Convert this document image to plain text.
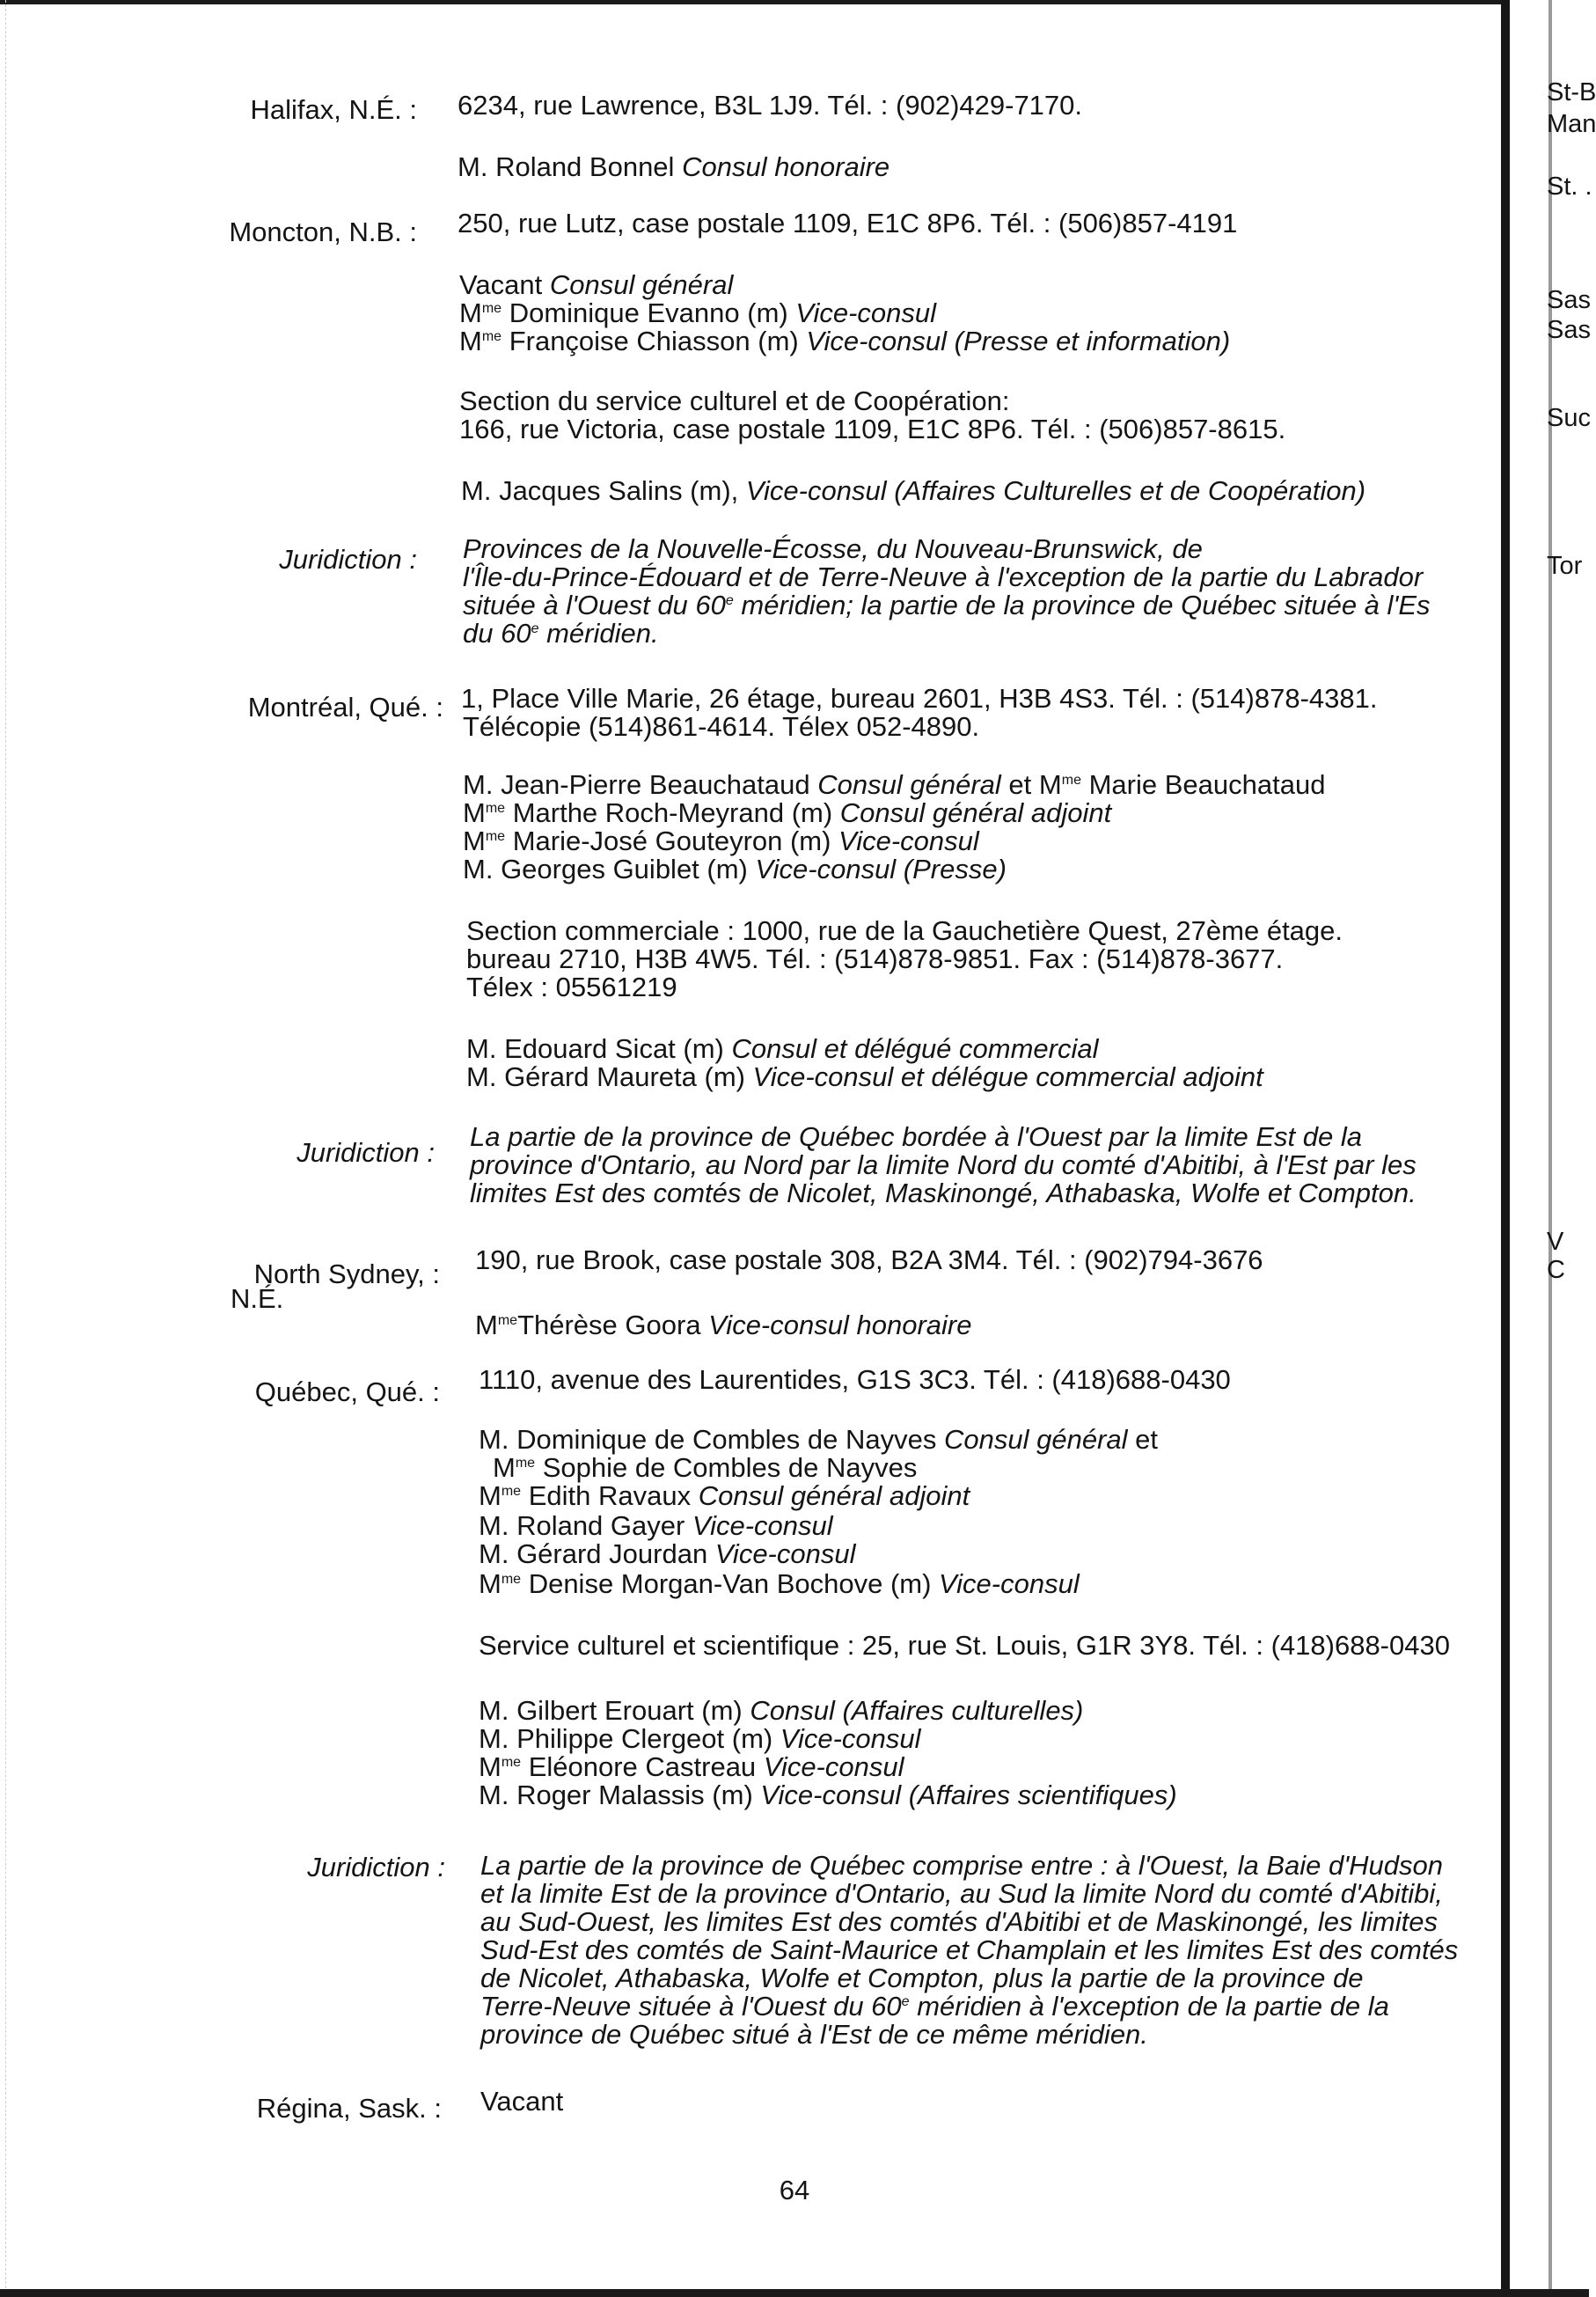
St-B
Man
St. .
Sas
Sas
Suc
Tor
V
C
Halifax, N.É. : 6234, rue Lawrence, B3L 1J9. Tél. : (902)429-7170.
M. Roland Bonnel Consul honoraire
Moncton, N.B. : 250, rue Lutz, case postale 1109, E1C 8P6. Tél. : (506)857-4191
Vacant Consul général
$M^{me}$ Dominique Evanno (m) Vice-consul
$M^{me}$ Françoise Chiasson (m) Vice-consul (Presse et information)
Section du service culturel et de Coopération:
166, rue Victoria, case postale 1109, E1C 8P6. Tél. : (506)857-8615.
M. Jacques Salins (m), Vice-consul (Affaires Culturelles et de Coopération)
Juridiction : Provinces de la Nouvelle-Écosse, du Nouveau-Brunswick, de
l'Île-du-Prince-Édouard et de Terre-Neuve à l'exception de la partie du Labrador
située à l'Ouest du 60e méridien; la partie de la province de Québec située à l'Es
du 60e méridien.
Montréal, Qué. : 1, Place Ville Marie, 26 étage, bureau 2601, H3B 4S3. Tél. : (514)878-4381.
Télécopie (514)861-4614. Télex 052-4890.
M. Jean-Pierre Beauchataud Consul général et $M^{me}$ Marie Beauchataud
$M^{me}$ Marthe Roch-Meyrand (m) Consul général adjoint
$M^{me}$ Marie-José Gouteyron (m) Vice-consul
M. Georges Guiblet (m) Vice-consul (Presse)
Section commerciale : 1000, rue de la Gauchetière Quest, 27ème étage.
bureau 2710, H3B 4W5. Tél. : (514)878-9851. Fax : (514)878-3677.
Télex : 05561219
M. Edouard Sicat (m) Consul et délégué commercial
M. Gérard Maureta (m) Vice-consul et délégue commercial adjoint
Juridiction :
La partie de la province de Québec bordée à l'Ouest par la limite Est de la
province d'Ontario, au Nord par la limite Nord du comté d'Abitibi, à l'Est par les
limites Est des comtés de Nicolet, Maskinongé, Athabaska, Wolfe et Compton.
North Sydney, :
N.É.
190, rue Brook, case postale 308, B2A 3M4. Tél. : (902)794-3676
$M^{me}Thérèse$ Goora Vice-consul honoraire
Québec, Qué. : 1110, avenue des Laurentides, G1S 3C3. Tél. : (418)688-0430
M. Dominique de Combles de Nayves Consul général et
$M^{me}$ Sophie de Combles de Nayves
$M^{me}$ Edith Ravaux Consul général adjoint
M. Roland Gayer Vice-consul
M. Gérard Jourdan Vice-consul
$M^{me}$ Denise Morgan-Van Bochove (m) Vice-consul
Service culturel et scientifique : 25, rue St. Louis, G1R 3Y8. Tél. : (418)688-0430
M. Gilbert Erouart (m) Consul (Affaires culturelles)
M. Philippe Clergeot (m) Vice-consul
$M^{me}$ Eléonore Castreau Vice-consul
M. Roger Malassis (m) Vice-consul (Affaires scientifiques)
Juridiction : La partie de la province de Québec comprise entre : à l'Ouest, la Baie d'Hudson
et la limite Est de la province d'Ontario, au Sud la limite Nord du comté d'Abitibi,
au Sud-Ouest, les limites Est des comtés d'Abitibi et de Maskinongé, les limites
Sud-Est des comtés de Saint-Maurice et Champlain et les limites Est des comtés
de Nicolet, Athabaska, Wolfe et Compton, plus la partie de la province de
Terre-Neuve située à l'Ouest du 60e méridien à l'exception de la partie de la
province de Québec situé à l'Est de ce même méridien.
Régina, Sask. : Vacant
64
